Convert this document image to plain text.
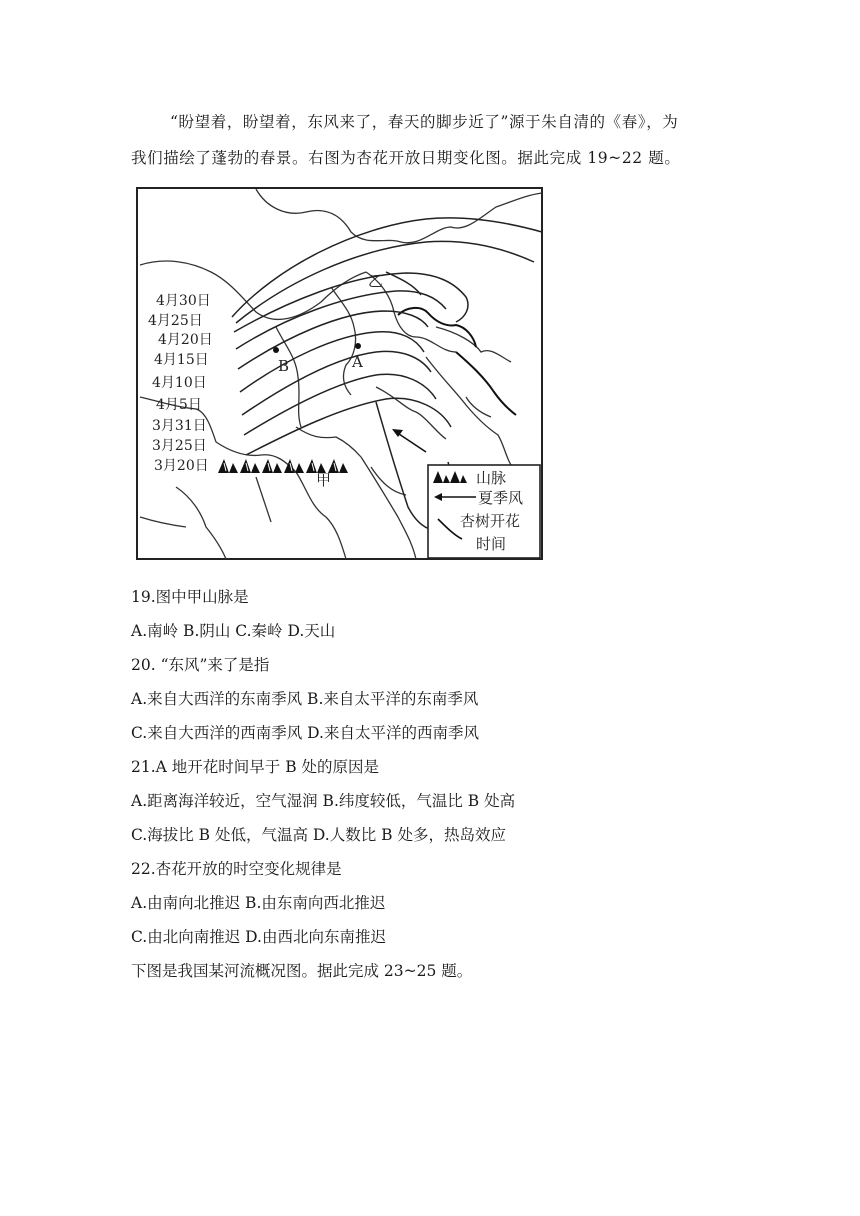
“盼望着，盼望着，东风来了，春天的脚步近了”源于朱自清的《春》，为
我们描绘了蓬勃的春景。右图为杏花开放日期变化图。据此完成 19~22 题。
4月30日
4月25日
4月20日
4月15日
4月10日
4月5日
3月31日
3月25日
3月20日
A
B
乙
甲	山脉
夏季风
杏树开花
时间
19.图中甲山脉是
A.南岭 B.阴山 C.秦岭 D.天山
20. “东风”来了是指
A.来自大西洋的东南季风 B.来自太平洋的东南季风
C.来自大西洋的西南季风 D.来自太平洋的西南季风
21.A 地开花时间早于 B 处的原因是
A.距离海洋较近，空气湿润 B.纬度较低，气温比 B 处高
C.海拔比 B 处低，气温高 D.人数比 B 处多，热岛效应
22.杏花开放的时空变化规律是
A.由南向北推迟 B.由东南向西北推迟
C.由北向南推迟 D.由西北向东南推迟
下图是我国某河流概况图。据此完成 23~25 题。
